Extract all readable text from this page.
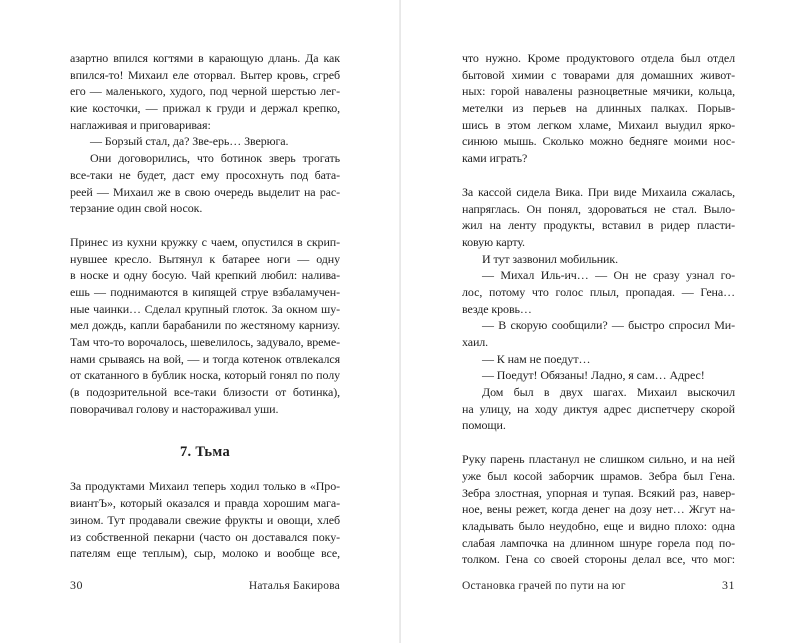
азартно впился когтями в карающую длань. Да как
впился-то! Михаил еле оторвал. Вытер кровь, сгреб
его — маленького, худого, под черной шерстью лег-
кие косточки, — прижал к груди и держал крепко,
наглаживая и приговаривая:
— Борзый стал, да? Зве-ерь… Зверюга.
Они договорились, что ботинок зверь трогать
все-таки не будет, даст ему просохнуть под бата-
реей — Михаил же в свою очередь выделит на рас-
терзание один свой носок.
Принес из кухни кружку с чаем, опустился в скрип-
нувшее кресло. Вытянул к батарее ноги — одну
в носке и одну босую. Чай крепкий любил: налива-
ешь — поднимаются в кипящей струе взбаламучен-
ные чаинки… Сделал крупный глоток. За окном шу-
мел дождь, капли барабанили по жестяному карнизу.
Там что-то ворочалось, шевелилось, задувало, време-
нами срываясь на вой, — и тогда котенок отвлекался
от скатанного в бублик носка, который гонял по полу
(в подозрительной все-таки близости от ботинка),
поворачивал голову и настораживал уши.
7. Тьма
За продуктами Михаил теперь ходил только в «Про-
виантЪ», который оказался и правда хорошим мага-
зином. Тут продавали свежие фрукты и овощи, хлеб
из собственной пекарни (часто он доставался поку-
пателям еще теплым), сыр, молоко и вообще все,
30	Наталья Бакирова
что нужно. Кроме продуктового отдела был отдел
бытовой химии с товарами для домашних живот-
ных: горой навалены разноцветные мячики, кольца,
метелки из перьев на длинных палках. Порыв-
шись в этом легком хламе, Михаил выудил ярко-
синюю мышь. Сколько можно бедняге моими нос-
ками играть?
За кассой сидела Вика. При виде Михаила сжалась,
напряглась. Он понял, здороваться не стал. Выло-
жил на ленту продукты, вставил в ридер пласти-
ковую карту.
И тут зазвонил мобильник.
— Михал Иль-ич… — Он не сразу узнал го-
лос, потому что голос плыл, пропадая. — Гена…
везде кровь…
— В скорую сообщили? — быстро спросил Ми-
хаил.
— К нам не поедут…
— Поедут! Обязаны! Ладно, я сам… Адрес!
Дом был в двух шагах. Михаил выскочил
на улицу, на ходу диктуя адрес диспетчеру скорой
помощи.
Руку парень пластанул не слишком сильно, и на ней
уже был косой заборчик шрамов. Зебра был Гена.
Зебра злостная, упорная и тупая. Всякий раз, навер-
ное, вены режет, когда денег на дозу нет… Жгут на-
кладывать было неудобно, еще и видно плохо: одна
слабая лампочка на длинном шнуре горела под по-
толком. Гена со своей стороны делал все, что мог:
Остановка грачей по пути на юг	31
